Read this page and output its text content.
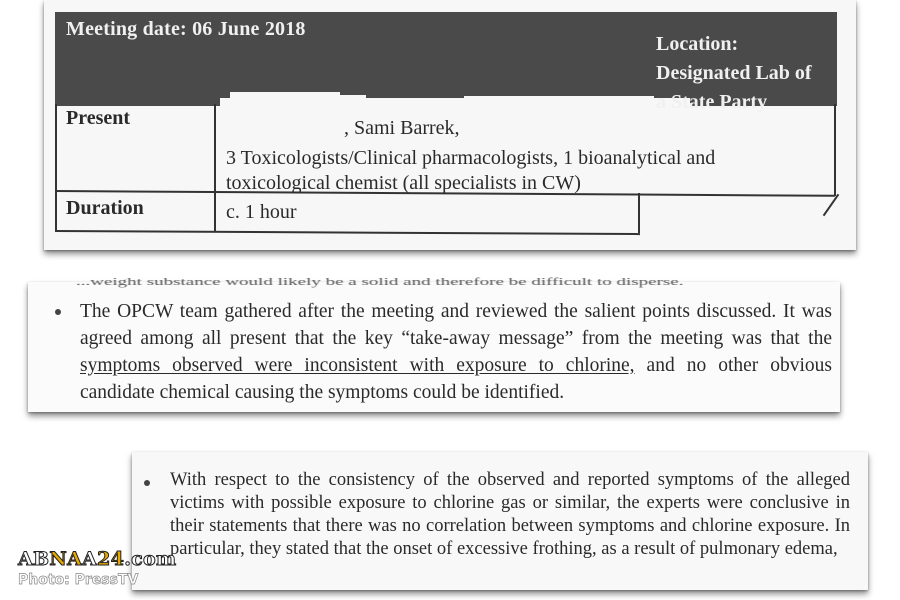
Meeting date: 06 June 2018
Location:
Designated Lab of
a State Party
Present	, Sami Barrek,
3 Toxicologists/Clinical pharmacologists, 1 bioanalytical and
toxicological chemist (all specialists in CW)
Duration	c. 1 hour
...weight substance would likely be a solid and therefore be difficult to disperse.
The OPCW team gathered after the meeting and reviewed the salient points discussed. It was agreed among all present that the key “take-away message” from the meeting was that the symptoms observed were inconsistent with exposure to chlorine, and no other obvious candidate chemical causing the symptoms could be identified.
With respect to the consistency of the observed and reported symptoms of the alleged victims with possible exposure to chlorine gas or similar, the experts were conclusive in their statements that there was no correlation between symptoms and chlorine exposure. In particular, they stated that the onset of excessive frothing, as a result of pulmonary edema,
ABNAA24.com
Photo: PressTV
